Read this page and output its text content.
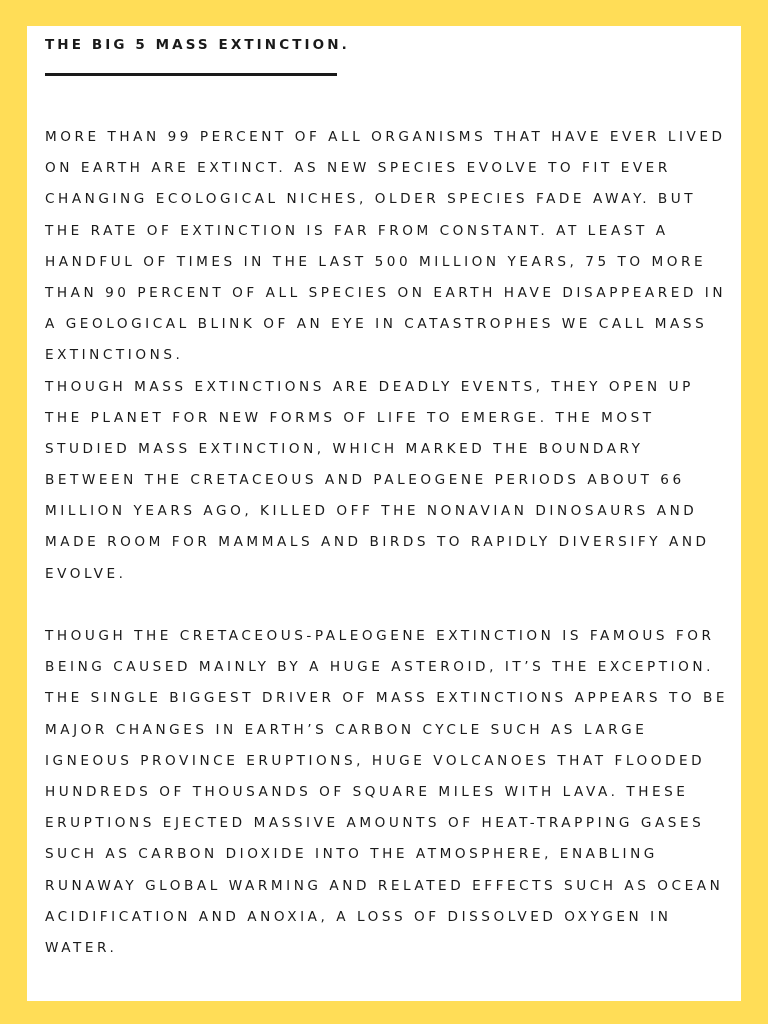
THE BIG 5 MASS EXTINCTION.
MORE THAN 99 PERCENT OF ALL ORGANISMS THAT HAVE EVER LIVED
ON EARTH ARE EXTINCT. AS NEW SPECIES EVOLVE TO FIT EVER
CHANGING ECOLOGICAL NICHES, OLDER SPECIES FADE AWAY. BUT
THE RATE OF EXTINCTION IS FAR FROM CONSTANT. AT LEAST A
HANDFUL OF TIMES IN THE LAST 500 MILLION YEARS, 75 TO MORE
THAN 90 PERCENT OF ALL SPECIES ON EARTH HAVE DISAPPEARED IN
A GEOLOGICAL BLINK OF AN EYE IN CATASTROPHES WE CALL MASS
EXTINCTIONS.
THOUGH MASS EXTINCTIONS ARE DEADLY EVENTS, THEY OPEN UP
THE PLANET FOR NEW FORMS OF LIFE TO EMERGE. THE MOST
STUDIED MASS EXTINCTION, WHICH MARKED THE BOUNDARY
BETWEEN THE CRETACEOUS AND PALEOGENE PERIODS ABOUT 66
MILLION YEARS AGO, KILLED OFF THE NONAVIAN DINOSAURS AND
MADE ROOM FOR MAMMALS AND BIRDS TO RAPIDLY DIVERSIFY AND
EVOLVE.
THOUGH THE CRETACEOUS-PALEOGENE EXTINCTION IS FAMOUS FOR
BEING CAUSED MAINLY BY A HUGE ASTEROID, IT’S THE EXCEPTION.
THE SINGLE BIGGEST DRIVER OF MASS EXTINCTIONS APPEARS TO BE
MAJOR CHANGES IN EARTH’S CARBON CYCLE SUCH AS LARGE
IGNEOUS PROVINCE ERUPTIONS, HUGE VOLCANOES THAT FLOODED
HUNDREDS OF THOUSANDS OF SQUARE MILES WITH LAVA. THESE
ERUPTIONS EJECTED MASSIVE AMOUNTS OF HEAT-TRAPPING GASES
SUCH AS CARBON DIOXIDE INTO THE ATMOSPHERE, ENABLING
RUNAWAY GLOBAL WARMING AND RELATED EFFECTS SUCH AS OCEAN
ACIDIFICATION AND ANOXIA, A LOSS OF DISSOLVED OXYGEN IN
WATER.
